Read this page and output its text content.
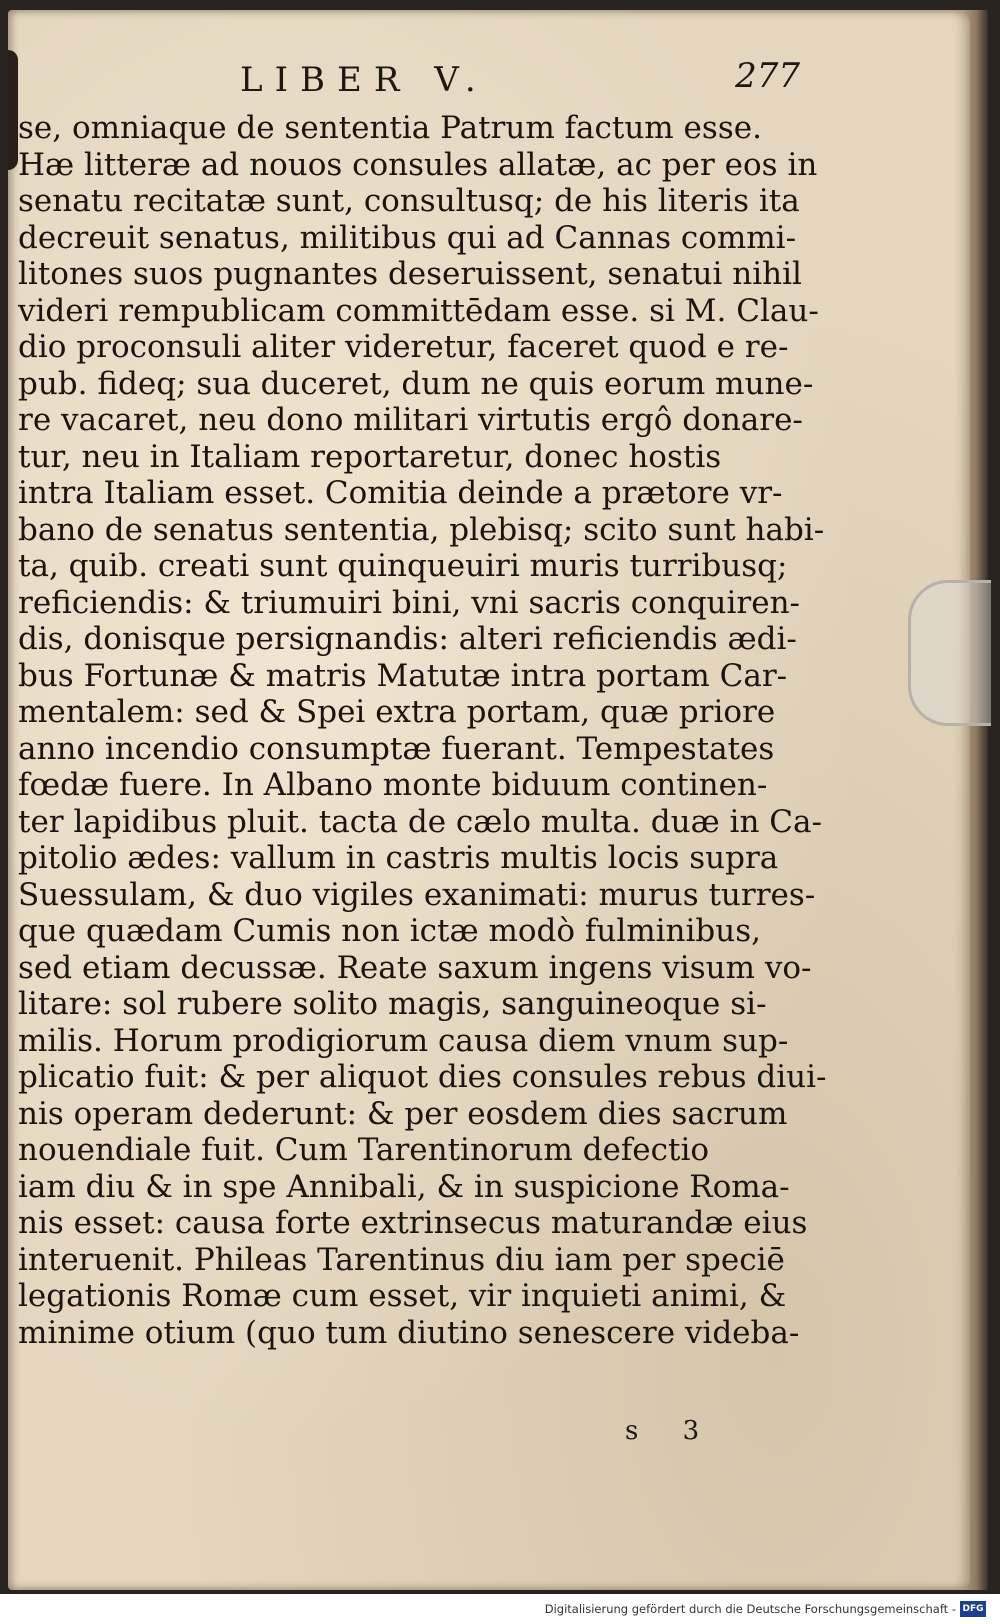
LIBER V.	277
se, omniaque de sententia Patrum factum esse.
Hæ litteræ ad nouos consules allatæ, ac per eos in
senatu recitatæ sunt, consultusq; de his literis ita
decreuit senatus, militibus qui ad Cannas commi-
litones suos pugnantes deseruissent, senatui nihil
videri rempublicam committēdam esse. si M. Clau-
dio proconsuli aliter videretur, faceret quod e re-
pub. fideq; sua duceret, dum ne quis eorum mune-
re vacaret, neu dono militari virtutis ergô donare-
tur, neu in Italiam reportaretur, donec hostis
intra Italiam esset. Comitia deinde a prætore vr-
bano de senatus sententia, plebisq; scito sunt habi-
ta, quib. creati sunt quinqueuiri muris turribusq;
reficiendis: & triumuiri bini, vni sacris conquiren-
dis, donisque persignandis: alteri reficiendis ædi-
bus Fortunæ & matris Matutæ intra portam Car-
mentalem: sed & Spei extra portam, quæ priore
anno incendio consumptæ fuerant. Tempestates
fœdæ fuere. In Albano monte biduum continen-
ter lapidibus pluit. tacta de cælo multa. duæ in Ca-
pitolio ædes: vallum in castris multis locis supra
Suessulam, & duo vigiles exanimati: murus turres-
que quædam Cumis non ictæ modò fulminibus,
sed etiam decussæ. Reate saxum ingens visum vo-
litare: sol rubere solito magis, sanguineoque si-
milis. Horum prodigiorum causa diem vnum sup-
plicatio fuit: & per aliquot dies consules rebus diui-
nis operam dederunt: & per eosdem dies sacrum
nouendiale fuit. Cum Tarentinorum defectio
iam diu & in spe Annibali, & in suspicione Roma-
nis esset: causa forte extrinsecus maturandæ eius
interuenit. Phileas Tarentinus diu iam per speciē
legationis Romæ cum esset, vir inquieti animi, &
minime otium (quo tum diutino senescere videba-
s 3
Digitalisierung gefördert durch die Deutsche Forschungsgemeinschaft - DFG
